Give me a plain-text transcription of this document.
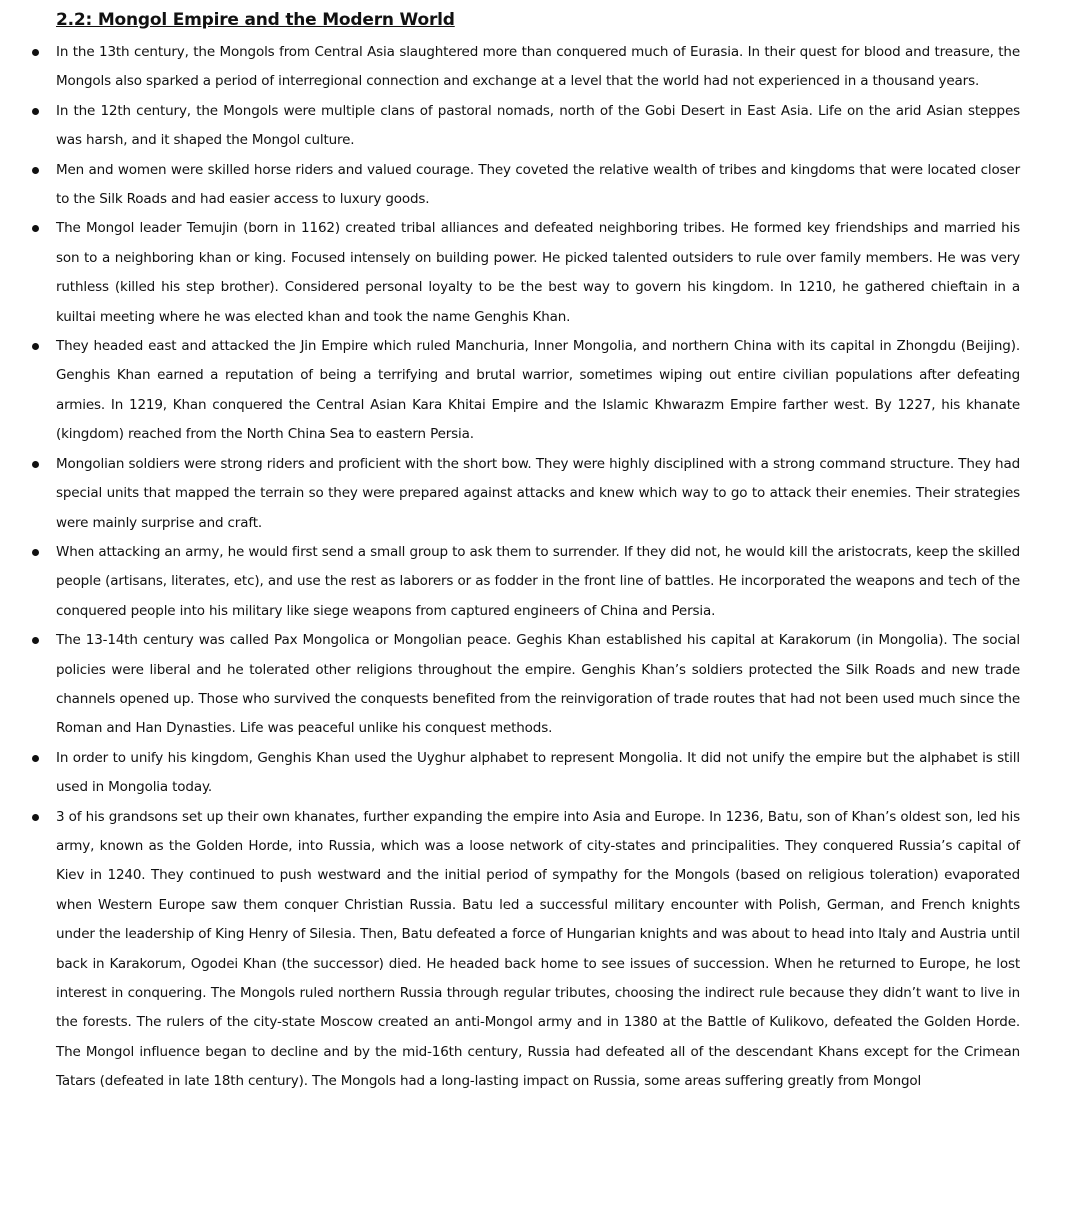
2.2: Mongol Empire and the Modern World
In the 13th century, the Mongols from Central Asia slaughtered more than conquered much of Eurasia. In their quest for blood and treasure, the Mongols also sparked a period of interregional connection and exchange at a level that the world had not experienced in a thousand years.
In the 12th century, the Mongols were multiple clans of pastoral nomads, north of the Gobi Desert in East Asia. Life on the arid Asian steppes was harsh, and it shaped the Mongol culture.
Men and women were skilled horse riders and valued courage. They coveted the relative wealth of tribes and kingdoms that were located closer to the Silk Roads and had easier access to luxury goods.
The Mongol leader Temujin (born in 1162) created tribal alliances and defeated neighboring tribes. He formed key friendships and married his son to a neighboring khan or king. Focused intensely on building power. He picked talented outsiders to rule over family members. He was very ruthless (killed his step brother). Considered personal loyalty to be the best way to govern his kingdom. In 1210, he gathered chieftain in a kuiltai meeting where he was elected khan and took the name Genghis Khan.
They headed east and attacked the Jin Empire which ruled Manchuria, Inner Mongolia, and northern China with its capital in Zhongdu (Beijing). Genghis Khan earned a reputation of being a terrifying and brutal warrior, sometimes wiping out entire civilian populations after defeating armies. In 1219, Khan conquered the Central Asian Kara Khitai Empire and the Islamic Khwarazm Empire farther west. By 1227, his khanate (kingdom) reached from the North China Sea to eastern Persia.
Mongolian soldiers were strong riders and proficient with the short bow. They were highly disciplined with a strong command structure. They had special units that mapped the terrain so they were prepared against attacks and knew which way to go to attack their enemies. Their strategies were mainly surprise and craft.
When attacking an army, he would first send a small group to ask them to surrender. If they did not, he would kill the aristocrats, keep the skilled people (artisans, literates, etc), and use the rest as laborers or as fodder in the front line of battles. He incorporated the weapons and tech of the conquered people into his military like siege weapons from captured engineers of China and Persia.
The 13-14th century was called Pax Mongolica or Mongolian peace. Geghis Khan established his capital at Karakorum (in Mongolia). The social policies were liberal and he tolerated other religions throughout the empire. Genghis Khan’s soldiers protected the Silk Roads and new trade channels opened up. Those who survived the conquests benefited from the reinvigoration of trade routes that had not been used much since the Roman and Han Dynasties. Life was peaceful unlike his conquest methods.
In order to unify his kingdom, Genghis Khan used the Uyghur alphabet to represent Mongolia. It did not unify the empire but the alphabet is still used in Mongolia today.
3 of his grandsons set up their own khanates, further expanding the empire into Asia and Europe. In 1236, Batu, son of Khan’s oldest son, led his army, known as the Golden Horde, into Russia, which was a loose network of city-states and principalities. They conquered Russia’s capital of Kiev in 1240. They continued to push westward and the initial period of sympathy for the Mongols (based on religious toleration) evaporated when Western Europe saw them conquer Christian Russia. Batu led a successful military encounter with Polish, German, and French knights under the leadership of King Henry of Silesia. Then, Batu defeated a force of Hungarian knights and was about to head into Italy and Austria until back in Karakorum, Ogodei Khan (the successor) died. He headed back home to see issues of succession. When he returned to Europe, he lost interest in conquering. The Mongols ruled northern Russia through regular tributes, choosing the indirect rule because they didn’t want to live in the forests. The rulers of the city-state Moscow created an anti-Mongol army and in 1380 at the Battle of Kulikovo, defeated the Golden Horde. The Mongol influence began to decline and by the mid-16th century, Russia had defeated all of the descendant Khans except for the Crimean Tatars (defeated in late 18th century). The Mongols had a long-lasting impact on Russia, some areas suffering greatly from Mongol
